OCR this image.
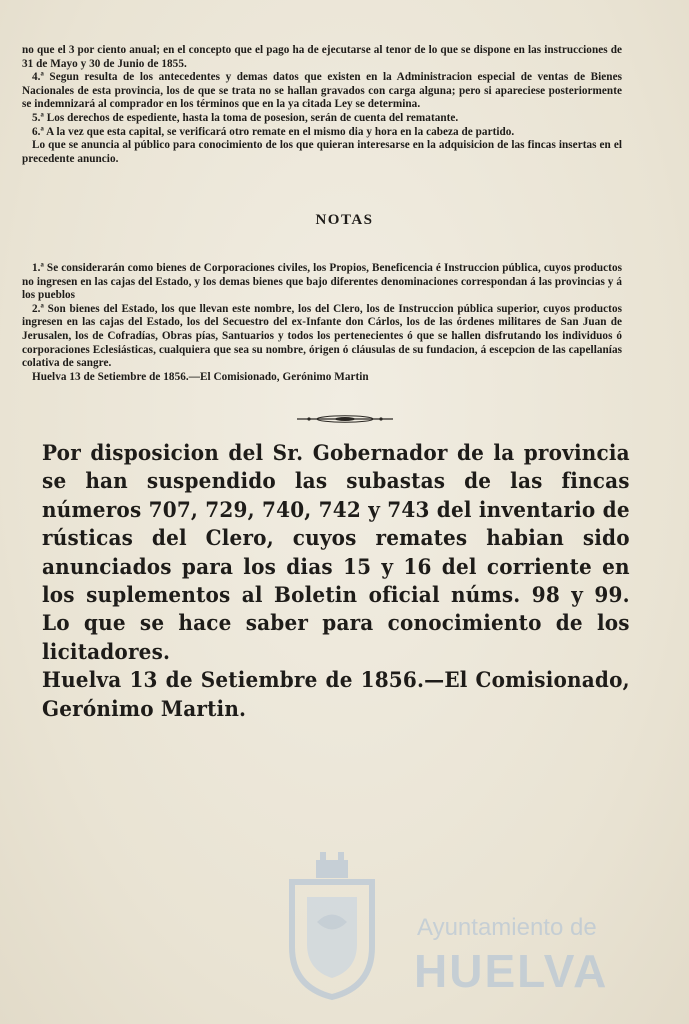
no que el 3 por ciento anual; en el concepto que el pago ha de ejecutarse al tenor de lo que se dispone en las instrucciones de 31 de Mayo y 30 de Junio de 1855.

4.ª Segun resulta de los antecedentes y demas datos que existen en la Administracion especial de ventas de Bienes Nacionales de esta provincia, los de que se trata no se hallan gravados con carga alguna; pero si apareciese posteriormente se indemnizará al comprador en los términos que en la ya citada Ley se determina.

5.ª Los derechos de espediente, hasta la toma de posesion, serán de cuenta del rematante.

6.ª A la vez que esta capital, se verificará otro remate en el mismo dia y hora en la cabeza de partido.

Lo que se anuncia al público para conocimiento de los que quieran interesarse en la adquisicion de las fincas insertas en el precedente anuncio.

NOTAS

1.ª Se considerarán como bienes de Corporaciones civiles, los Propios, Beneficencia é Instruccion pública, cuyos productos no ingresen en las cajas del Estado, y los demas bienes que bajo diferentes denominaciones correspondan á las provincias y á los pueblos

2.ª Son bienes del Estado, los que llevan este nombre, los del Clero, los de Instruccion pública superior, cuyos productos ingresen en las cajas del Estado, los del Secuestro del ex-Infante don Cárlos, los de las órdenes militares de San Juan de Jerusalen, los de Cofradías, Obras pías, Santuarios y todos los pertenecientes ó que se hallen disfrutando los individuos ó corporaciones Eclesiásticas, cualquiera que sea su nombre, órigen ó cláusulas de su fundacion, á escepcion de las capellanías colativa de sangre.

Huelva 13 de Setiembre de 1856.—El Comisionado, Gerónimo Martin

Por disposicion del Sr. Gobernador de la provincia se han suspendido las subastas de las fincas números 707, 729, 740, 742 y 743 del inventario de rústicas del Clero, cuyos remates habian sido anunciados para los dias 15 y 16 del corriente en los suplementos al Boletin oficial núms. 98 y 99. Lo que se hace saber para conocimiento de los licitadores.

Huelva 13 de Setiembre de 1856.—El Comisionado, Gerónimo Martin.

Ayuntamiento de
HUELVA
